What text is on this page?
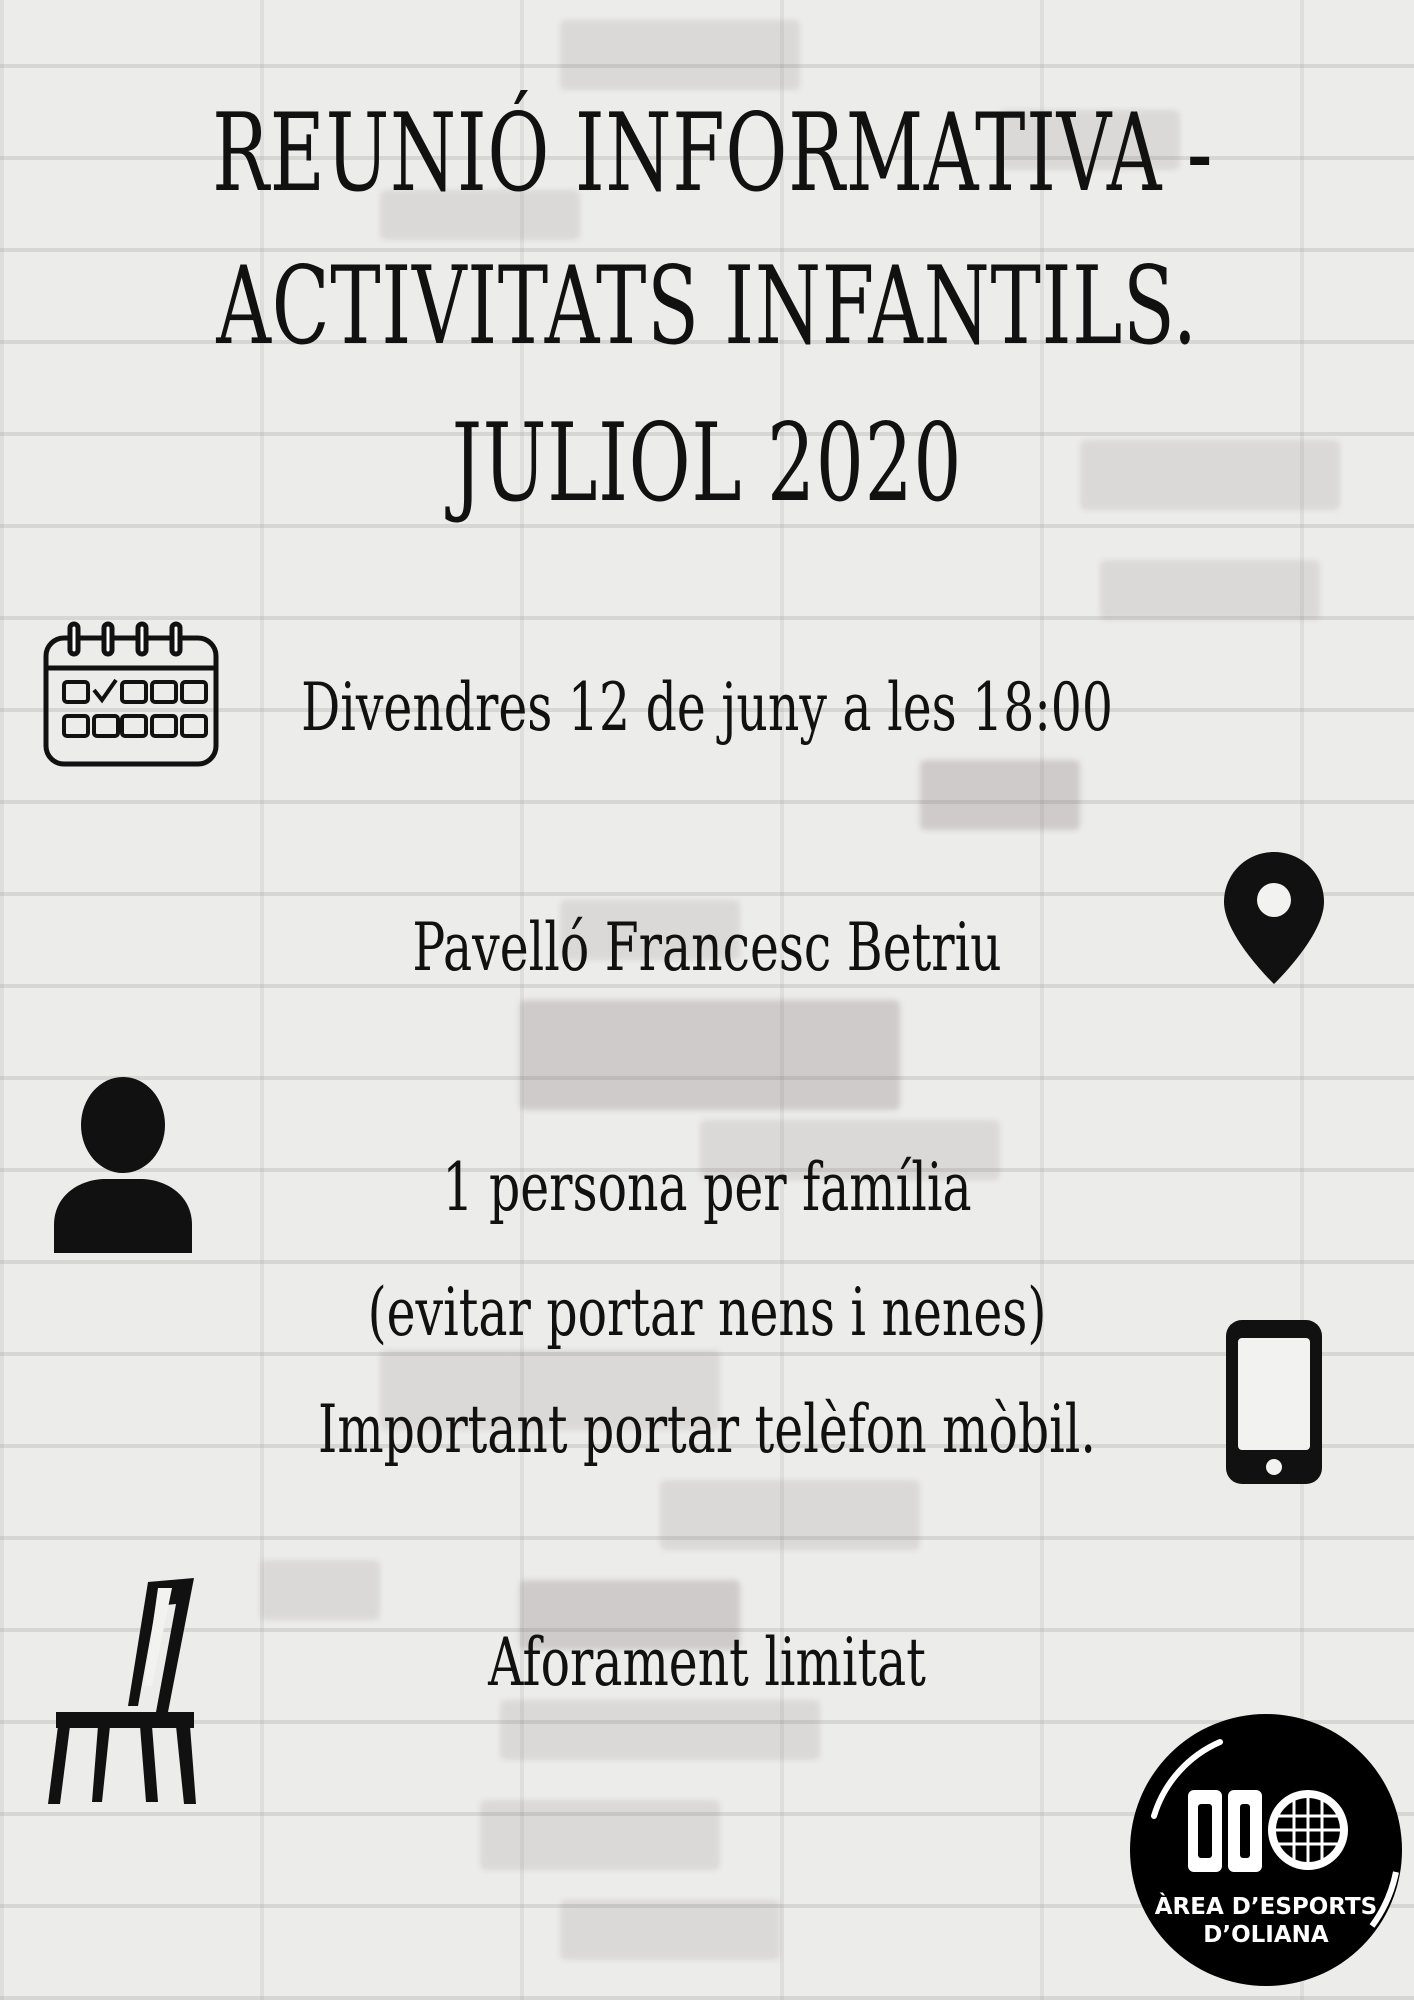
REUNIÓ INFORMATIVA -
ACTIVITATS INFANTILS.
JULIOL 2020
Divendres 12 de juny a les 18:00
Pavelló Francesc Betriu
1 persona per família
(evitar portar nens i nenes)
Important portar telèfon mòbil.
Aforament limitat
ÀREA D’ESPORTS
D’OLIANA
